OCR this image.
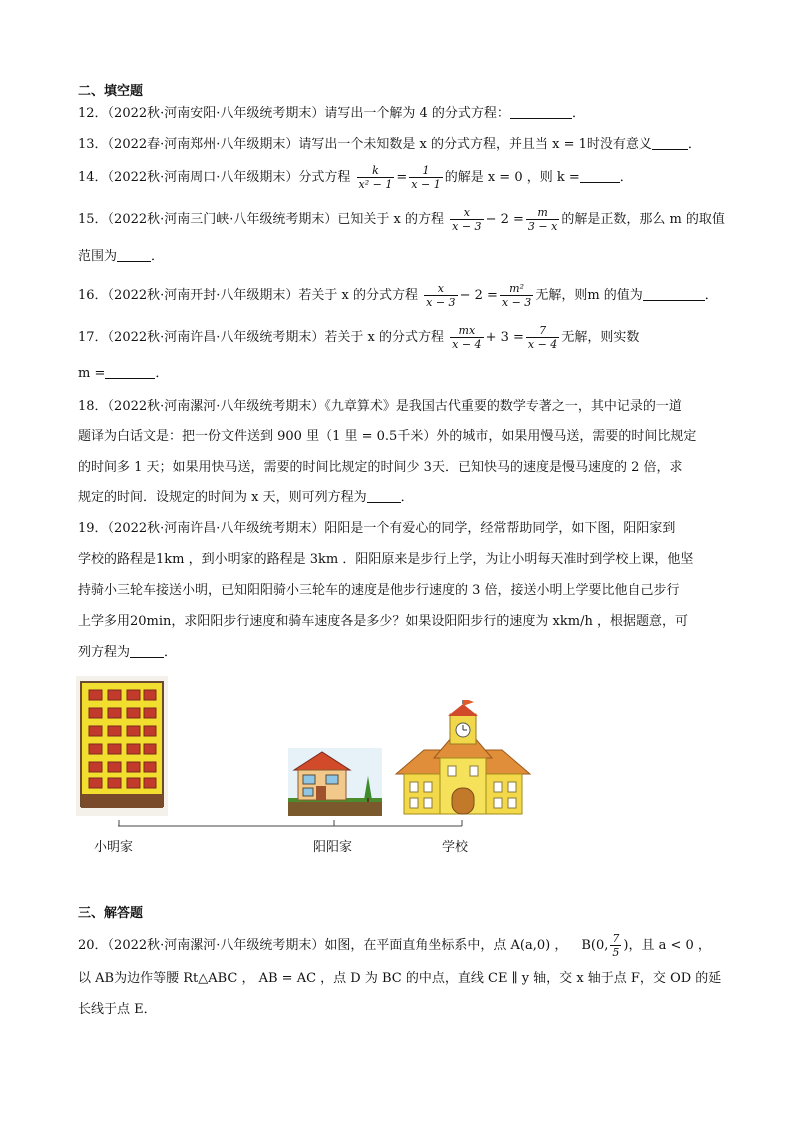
二、填空题
12．（2022秋·河南安阳·八年级统考期末）请写出一个解为 4 的分式方程：	．
13．（2022春·河南郑州·八年级期末）请写出一个未知数是 x 的分式方程，并且当 x = 1时没有意义	．
14．（2022秋·河南周口·八年级期末）分式方程 $\frac{k}{\text{x² − 1}} = \frac{1}{x - 1}$ 的解是 x = 0 ，则 k =	．
15．（2022秋·河南三门峡·八年级统考期末）已知关于 x 的方程 $\frac{x}{x - 3} - 2 = \frac{m}{3 - x}$ 的解是正数，那么 m 的取值
范围为	．
16．（2022秋·河南开封·八年级期末）若关于 x 的分式方程 $\frac{x}{x - 3} - 2 = \frac{\text{m²}}{x - 3}$ 无解，则m 的值为	．
17．（2022秋·河南许昌·八年级统考期末）若关于 x 的分式方程 $\frac{mx}{x - 4} + 3 = \frac{7}{x - 4}$ 无解，则实数
m =	．
18．（2022秋·河南漯河·八年级统考期末）《九章算术》是我国古代重要的数学专著之一，其中记录的一道
题译为白话文是：把一份文件送到 900 里（1 里 = 0.5千米）外的城市，如果用慢马送，需要的时间比规定
的时间多 1 天；如果用快马送，需要的时间比规定的时间少 3天．已知快马的速度是慢马速度的 2 倍，求
规定的时间．设规定的时间为 x 天，则可列方程为	．
19．（2022秋·河南许昌·八年级统考期末）阳阳是一个有爱心的同学，经常帮助同学，如下图，阳阳家到
学校的路程是1km ，到小明家的路程是 3km ．阳阳原来是步行上学，为让小明每天准时到学校上课，他坚
持骑小三轮车接送小明，已知阳阳骑小三轮车的速度是他步行速度的 3 倍，接送小明上学要比他自己步行
上学多用20min，求阳阳步行速度和骑车速度各是多少？如果设阳阳步行的速度为 xkm/h ，根据题意，可
列方程为	．
小明家	阳阳家	学校
三、解答题
20．（2022秋·河南漯河·八年级统考期末）如图，在平面直角坐标系中，点 A(a,0) ， B(0, $\frac{7}{5}$ )，且 a < 0 ，
以 AB为边作等腰 Rt△ABC ， AB = AC ，点 D 为 BC 的中点，直线 CE ∥ y 轴，交 x 轴于点 F，交 OD 的延
长线于点 E．
